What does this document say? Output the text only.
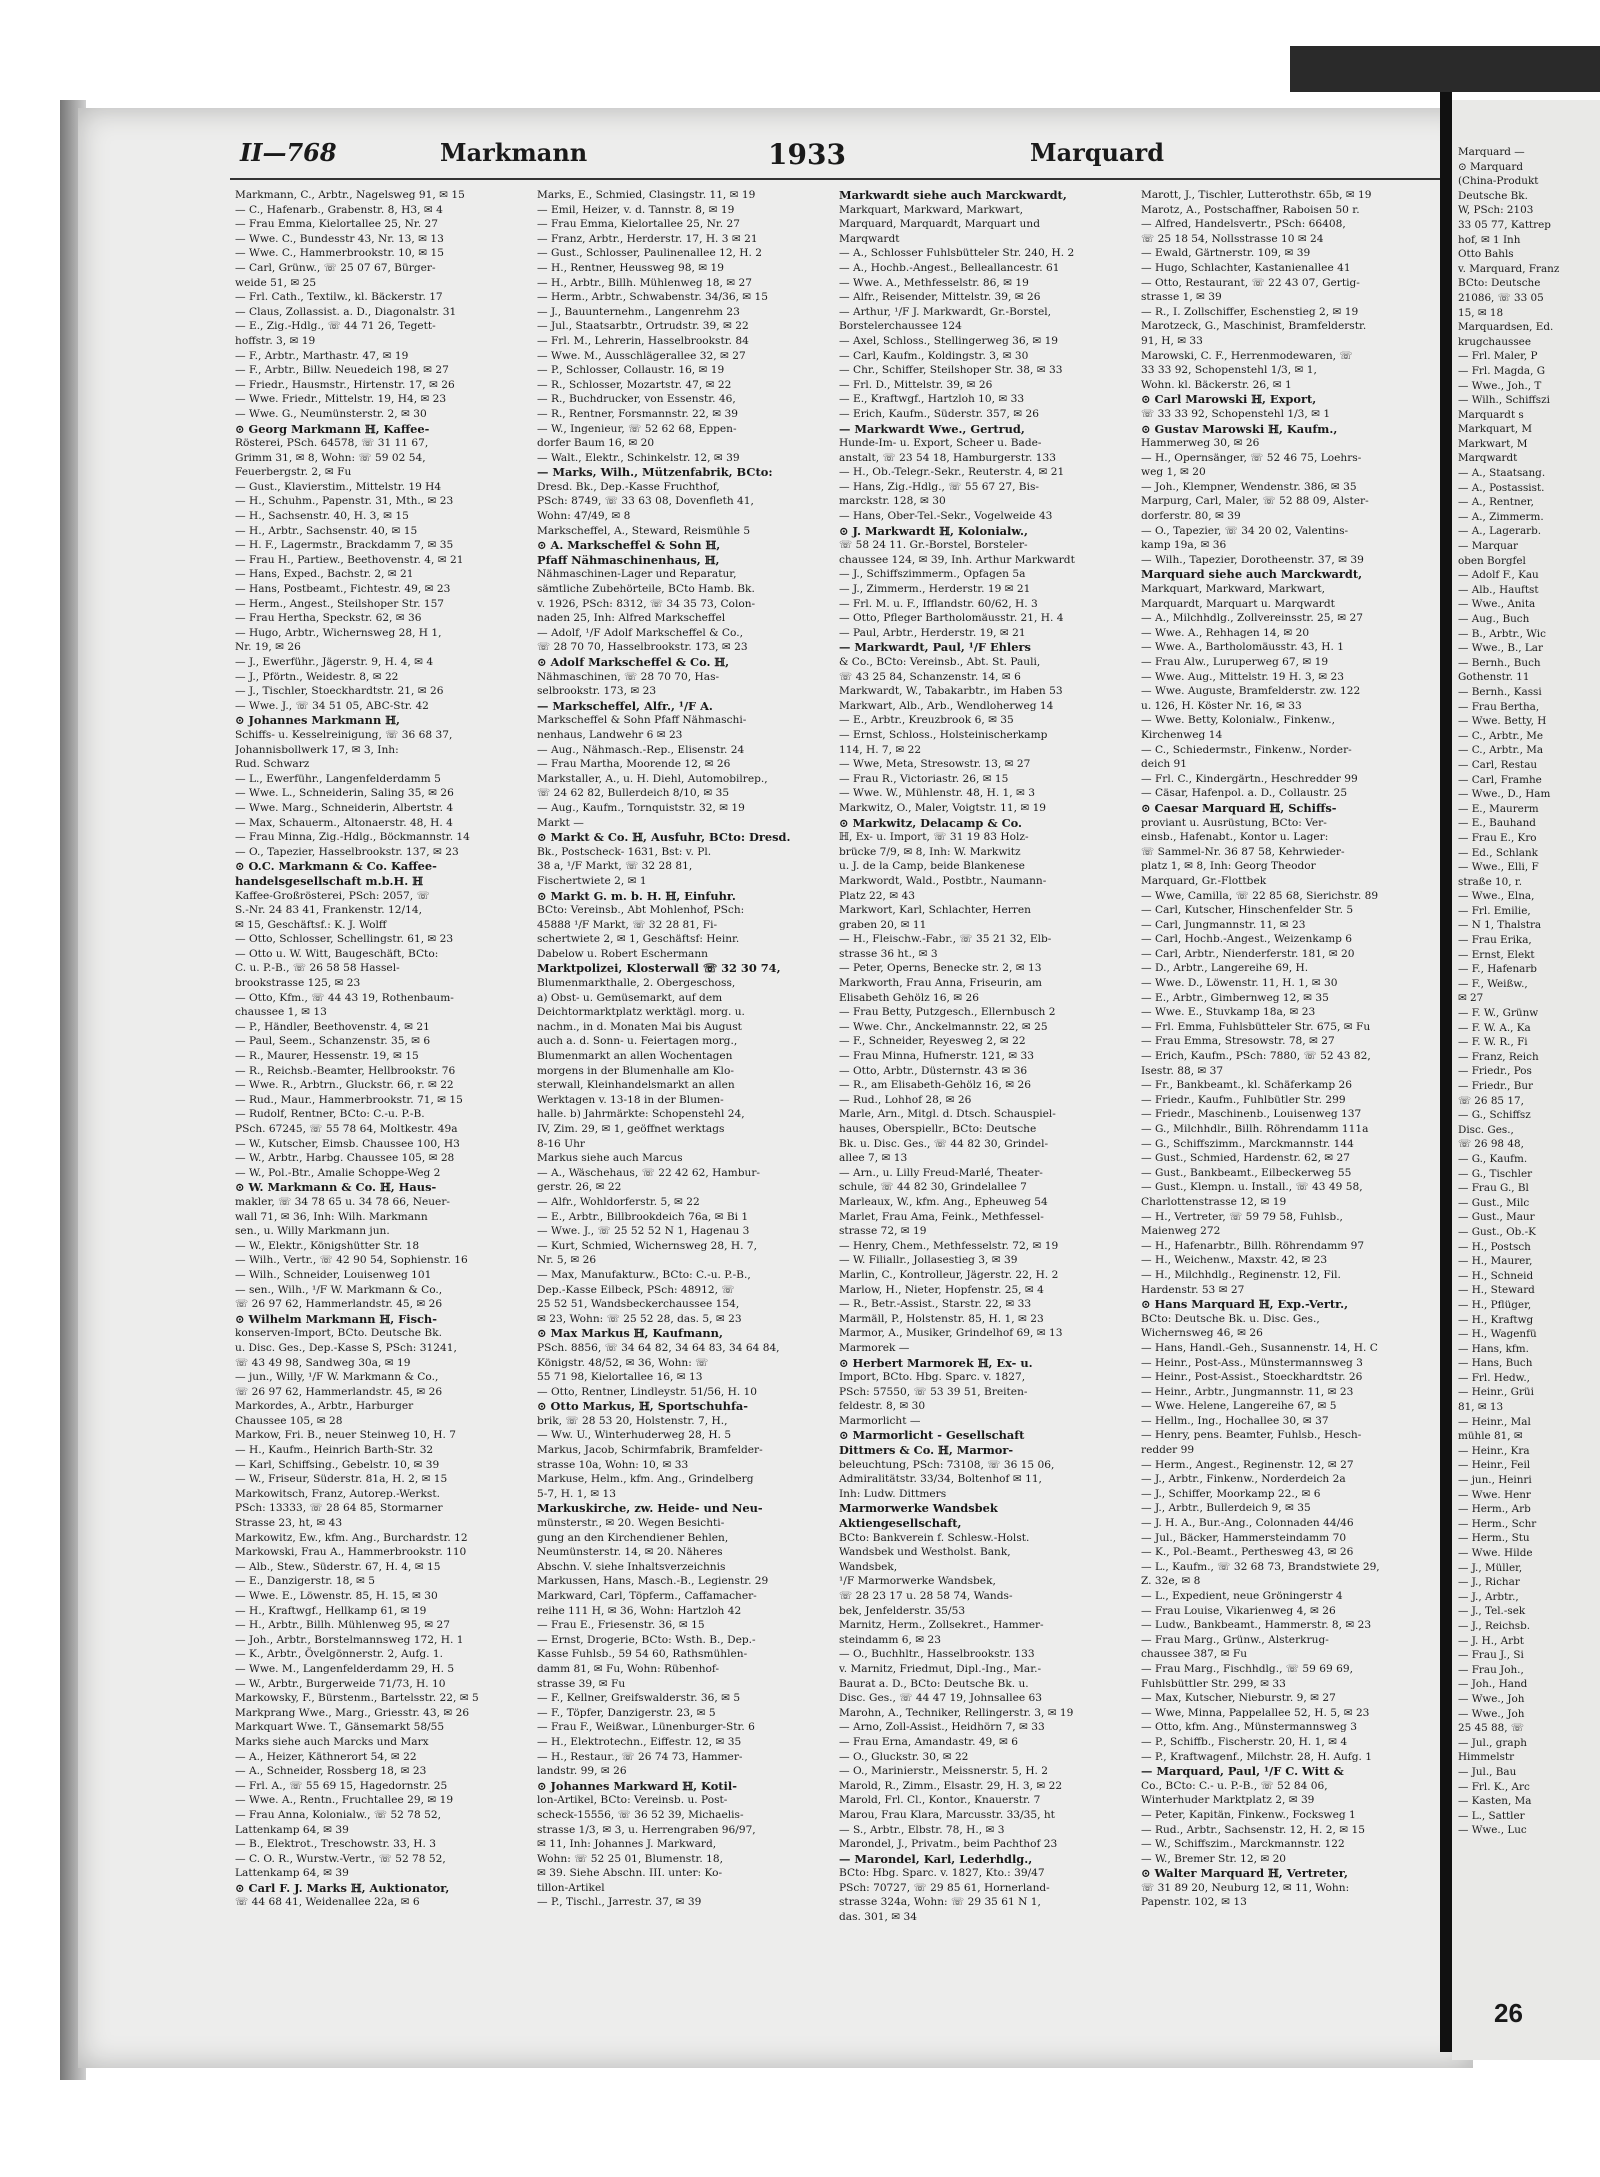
Marquard —
⊙ Marquard
(China-Produkt
Deutsche Bk.
W, PSch: 2103
33 05 77, Kattrep
hof, ✉ 1 Inh
Otto Bahls
v. Marquard, Franz
BCto: Deutsche
21086, ☏ 33 05
15, ✉ 18
Marquardsen, Ed.
krugchaussee
— Frl. Maler, P
— Frl. Magda, G
— Wwe., Joh., T
— Wilh., Schiffszi
Marquardt s
Markquart, M
Markwart, M
Marqwardt
— A., Staatsang.
— A., Postassist.
— A., Rentner,
— A., Zimmerm.
— A., Lagerarb.
— Marquar
oben Borgfel
— Adolf F., Kau
— Alb., Hauftst
— Wwe., Anita
— Aug., Buch
— B., Arbtr., Wic
— Wwe., B., Lar
— Bernh., Buch
Gothenstr. 11
— Bernh., Kassi
— Frau Bertha,
— Wwe. Betty, H
— C., Arbtr., Me
— C., Arbtr., Ma
— Carl, Restau
— Carl, Framhe
— Wwe., D., Ham
— E., Maurerm
— E., Bauhand
— Frau E., Kro
— Ed., Schlank
— Wwe., Elli, F
straße 10, r.
— Wwe., Elna,
— Frl. Emilie,
— N 1, Thalstra
— Frau Erika,
— Ernst, Elekt
— F., Hafenarb
— F., Weißw.,
✉ 27
— F. W., Grünw
— F. W. A., Ka
— F. W. R., Fi
— Franz, Reich
— Friedr., Pos
— Friedr., Bur
☏ 26 85 17,
— G., Schiffsz
Disc. Ges.,
☏ 26 98 48,
— G., Kaufm.
— G., Tischler
— Frau G., Bl
— Gust., Milc
— Gust., Maur
— Gust., Ob.-K
— H., Postsch
— H., Maurer,
— H., Schneid
— H., Steward
— H., Pflüger,
— H., Kraftwg
— H., Wagenfü
— Hans, kfm.
— Hans, Buch
— Frl. Hedw.,
— Heinr., Grüi
81, ✉ 13
— Heinr., Mal
mühle 81, ✉
— Heinr., Kra
— Heinr., Feil
— jun., Heinri
— Wwe. Henr
— Herm., Arb
— Herm., Schr
— Herm., Stu
— Wwe. Hilde
— J., Müller,
— J., Richar
— J., Arbtr.,
— J., Tel.-sek
— J., Reichsb.
— J. H., Arbt
— Frau J., Si
— Frau Joh.,
— Joh., Hand
— Wwe., Joh
— Wwe., Joh
25 45 88, ☏
— Jul., graph
Himmelstr
— Jul., Bau
— Frl. K., Arc
— Kasten, Ma
— L., Sattler
— Wwe., Luc
II—768	Markmann	1933	Marquard
Markmann, C., Arbtr., Nagelsweg 91, ✉ 15
— C., Hafenarb., Grabenstr. 8, H3, ✉ 4
— Frau Emma, Kielortallee 25, Nr. 27
— Wwe. C., Bundesstr 43, Nr. 13, ✉ 13
— Wwe. C., Hammerbrookstr. 10, ✉ 15
— Carl, Grünw., ☏ 25 07 67, Bürger-
weide 51, ✉ 25
— Frl. Cath., Textilw., kl. Bäckerstr. 17
— Claus, Zollassist. a. D., Diagonalstr. 31
— E., Zig.-Hdlg., ☏ 44 71 26, Tegett-
hoffstr. 3, ✉ 19
— F., Arbtr., Marthastr. 47, ✉ 19
— F., Arbtr., Billw. Neuedeich 198, ✉ 27
— Friedr., Hausmstr., Hirtenstr. 17, ✉ 26
— Wwe. Friedr., Mittelstr. 19, H4, ✉ 23
— Wwe. G., Neumünsterstr. 2, ✉ 30
⊙ Georg Markmann ℍ, Kaffee-
Rösterei, PSch. 64578, ☏ 31 11 67,
Grimm 31, ✉ 8, Wohn: ☏ 59 02 54,
Feuerbergstr. 2, ✉ Fu
— Gust., Klavierstim., Mittelstr. 19 H4
— H., Schuhm., Papenstr. 31, Mth., ✉ 23
— H., Sachsenstr. 40, H. 3, ✉ 15
— H., Arbtr., Sachsenstr. 40, ✉ 15
— H. F., Lagermstr., Brackdamm 7, ✉ 35
— Frau H., Partiew., Beethovenstr. 4, ✉ 21
— Hans, Exped., Bachstr. 2, ✉ 21
— Hans, Postbeamt., Fichtestr. 49, ✉ 23
— Herm., Angest., Steilshoper Str. 157
— Frau Hertha, Speckstr. 62, ✉ 36
— Hugo, Arbtr., Wichernsweg 28, H 1,
Nr. 19, ✉ 26
— J., Ewerführ., Jägerstr. 9, H. 4, ✉ 4
— J., Pförtn., Weidestr. 8, ✉ 22
— J., Tischler, Stoeckhardtstr. 21, ✉ 26
— Wwe. J., ☏ 34 51 05, ABC-Str. 42
⊙ Johannes Markmann ℍ,
Schiffs- u. Kesselreinigung, ☏ 36 68 37,
Johannisbollwerk 17, ✉ 3, Inh:
Rud. Schwarz
— L., Ewerführ., Langenfelderdamm 5
— Wwe. L., Schneiderin, Saling 35, ✉ 26
— Wwe. Marg., Schneiderin, Albertstr. 4
— Max, Schauerm., Altonaerstr. 48, H. 4
— Frau Minna, Zig.-Hdlg., Böckmannstr. 14
— O., Tapezier, Hasselbrookstr. 137, ✉ 23
⊙ O.C. Markmann & Co. Kaffee-
handelsgesellschaft m.b.H. ℍ
Kaffee-Großrösterei, PSch: 2057, ☏
S.-Nr. 24 83 41, Frankenstr. 12/14,
✉ 15, Geschäftsf.: K. J. Wolff
— Otto, Schlosser, Schellingstr. 61, ✉ 23
— Otto u. W. Witt, Baugeschäft, BCto:
C. u. P.-B., ☏ 26 58 58 Hassel-
brookstrasse 125, ✉ 23
— Otto, Kfm., ☏ 44 43 19, Rothenbaum-
chaussee 1, ✉ 13
— P., Händler, Beethovenstr. 4, ✉ 21
— Paul, Seem., Schanzenstr. 35, ✉ 6
— R., Maurer, Hessenstr. 19, ✉ 15
— R., Reichsb.-Beamter, Hellbrookstr. 76
— Wwe. R., Arbtrn., Gluckstr. 66, r. ✉ 22
— Rud., Maur., Hammerbrookstr. 71, ✉ 15
— Rudolf, Rentner, BCto: C.-u. P.-B.
PSch. 67245, ☏ 55 78 64, Moltkestr. 49a
— W., Kutscher, Eimsb. Chaussee 100, H3
— W., Arbtr., Harbg. Chaussee 105, ✉ 28
— W., Pol.-Btr., Amalie Schoppe-Weg 2
⊙ W. Markmann & Co. ℍ, Haus-
makler, ☏ 34 78 65 u. 34 78 66, Neuer-
wall 71, ✉ 36, Inh: Wilh. Markmann
sen., u. Willy Markmann jun.
— W., Elektr., Königshütter Str. 18
— Wilh., Vertr., ☏ 42 90 54, Sophienstr. 16
— Wilh., Schneider, Louisenweg 101
— sen., Wilh., ¹/F W. Markmann & Co.,
☏ 26 97 62, Hammerlandstr. 45, ✉ 26
⊙ Wilhelm Markmann ℍ, Fisch-
konserven-Import, BCto. Deutsche Bk.
u. Disc. Ges., Dep.-Kasse S, PSch: 31241,
☏ 43 49 98, Sandweg 30a, ✉ 19
— jun., Willy, ¹/F W. Markmann & Co.,
☏ 26 97 62, Hammerlandstr. 45, ✉ 26
Markordes, A., Arbtr., Harburger
Chaussee 105, ✉ 28
Markow, Fri. B., neuer Steinweg 10, H. 7
— H., Kaufm., Heinrich Barth-Str. 32
— Karl, Schiffsing., Gebelstr. 10, ✉ 39
— W., Friseur, Süderstr. 81a, H. 2, ✉ 15
Markowitsch, Franz, Autorep.-Werkst.
PSch: 13333, ☏ 28 64 85, Stormarner
Strasse 23, ht, ✉ 43
Markowitz, Ew., kfm. Ang., Burchardstr. 12
Markowski, Frau A., Hammerbrookstr. 110
— Alb., Stew., Süderstr. 67, H. 4, ✉ 15
— E., Danzigerstr. 18, ✉ 5
— Wwe. E., Löwenstr. 85, H. 15, ✉ 30
— H., Kraftwgf., Hellkamp 61, ✉ 19
— H., Arbtr., Billh. Mühlenweg 95, ✉ 27
— Joh., Arbtr., Borstelmannsweg 172, H. 1
— K., Arbtr., Övelgönnerstr. 2, Aufg. 1.
— Wwe. M., Langenfelderdamm 29, H. 5
— W., Arbtr., Burgerweide 71/73, H. 10
Markowsky, F., Bürstenm., Bartelsstr. 22, ✉ 5
Markprang Wwe., Marg., Griesstr. 43, ✉ 26
Markquart Wwe. T., Gänsemarkt 58/55
Marks siehe auch Marcks und Marx
— A., Heizer, Käthnerort 54, ✉ 22
— A., Schneider, Rossberg 18, ✉ 23
— Frl. A., ☏ 55 69 15, Hagedornstr. 25
— Wwe. A., Rentn., Fruchtallee 29, ✉ 19
— Frau Anna, Kolonialw., ☏ 52 78 52,
Lattenkamp 64, ✉ 39
— B., Elektrot., Treschowstr. 33, H. 3
— C. O. R., Wurstw.-Vertr., ☏ 52 78 52,
Lattenkamp 64, ✉ 39
⊙ Carl F. J. Marks ℍ, Auktionator,
☏ 44 68 41, Weidenallee 22a, ✉ 6
Marks, E., Schmied, Clasingstr. 11, ✉ 19
— Emil, Heizer, v. d. Tannstr. 8, ✉ 19
— Frau Emma, Kielortallee 25, Nr. 27
— Franz, Arbtr., Herderstr. 17, H. 3 ✉ 21
— Gust., Schlosser, Paulinenallee 12, H. 2
— H., Rentner, Heussweg 98, ✉ 19
— H., Arbtr., Billh. Mühlenweg 18, ✉ 27
— Herm., Arbtr., Schwabenstr. 34/36, ✉ 15
— J., Bauunternehm., Langenrehm 23
— Jul., Staatsarbtr., Ortrudstr. 39, ✉ 22
— Frl. M., Lehrerin, Hasselbrookstr. 84
— Wwe. M., Ausschlägerallee 32, ✉ 27
— P., Schlosser, Collaustr. 16, ✉ 19
— R., Schlosser, Mozartstr. 47, ✉ 22
— R., Buchdrucker, von Essenstr. 46,
— R., Rentner, Forsmannstr. 22, ✉ 39
— W., Ingenieur, ☏ 52 62 68, Eppen-
dorfer Baum 16, ✉ 20
— Walt., Elektr., Schinkelstr. 12, ✉ 39
— Marks, Wilh., Mützenfabrik, BCto:
Dresd. Bk., Dep.-Kasse Fruchthof,
PSch: 8749, ☏ 33 63 08, Dovenfleth 41,
Wohn: 47/49, ✉ 8
Markscheffel, A., Steward, Reismühle 5
⊙ A. Markscheffel & Sohn ℍ,
Pfaff Nähmaschinenhaus, ℍ,
Nähmaschinen-Lager und Reparatur,
sämtliche Zubehörteile, BCto Hamb. Bk.
v. 1926, PSch: 8312, ☏ 34 35 73, Colon-
naden 25, Inh: Alfred Markscheffel
— Adolf, ¹/F Adolf Markscheffel & Co.,
☏ 28 70 70, Hasselbrookstr. 173, ✉ 23
⊙ Adolf Markscheffel & Co. ℍ,
Nähmaschinen, ☏ 28 70 70, Has-
selbrookstr. 173, ✉ 23
— Markscheffel, Alfr., ¹/F A.
Markscheffel & Sohn Pfaff Nähmaschi-
nenhaus, Landwehr 6 ✉ 23
— Aug., Nähmasch.-Rep., Elisenstr. 24
— Frau Martha, Moorende 12, ✉ 26
Markstaller, A., u. H. Diehl, Automobilrep.,
☏ 24 62 82, Bullerdeich 8/10, ✉ 35
— Aug., Kaufm., Tornquiststr. 32, ✉ 19
Markt —
⊙ Markt & Co. ℍ, Ausfuhr, BCto: Dresd.
Bk., Postscheck- 1631, Bst: v. Pl.
38 a, ¹/F Markt, ☏ 32 28 81,
Fischertwiete 2, ✉ 1
⊙ Markt G. m. b. H. ℍ, Einfuhr.
BCto: Vereinsb., Abt Mohlenhof, PSch:
45888 ¹/F Markt, ☏ 32 28 81, Fi-
schertwiete 2, ✉ 1, Geschäftsf: Heinr.
Dabelow u. Robert Eschermann
Marktpolizei, Klosterwall ☏ 32 30 74,
Blumenmarkthalle, 2. Obergeschoss,
a) Obst- u. Gemüsemarkt, auf dem
Deichtormarktplatz werktägl. morg. u.
nachm., in d. Monaten Mai bis August
auch a. d. Sonn- u. Feiertagen morg.,
Blumenmarkt an allen Wochentagen
morgens in der Blumenhalle am Klo-
sterwall, Kleinhandelsmarkt an allen
Werktagen v. 13-18 in der Blumen-
halle. b) Jahrmärkte: Schopenstehl 24,
IV, Zim. 29, ✉ 1, geöffnet werktags
8-16 Uhr
Markus siehe auch Marcus
— A., Wäschehaus, ☏ 22 42 62, Hambur-
gerstr. 26, ✉ 22
— Alfr., Wohldorferstr. 5, ✉ 22
— E., Arbtr., Billbrookdeich 76a, ✉ Bi 1
— Wwe. J., ☏ 25 52 52 N 1, Hagenau 3
— Kurt, Schmied, Wichernsweg 28, H. 7,
Nr. 5, ✉ 26
— Max, Manufakturw., BCto: C.-u. P.-B.,
Dep.-Kasse Eilbeck, PSch: 48912, ☏
25 52 51, Wandsbeckerchaussee 154,
✉ 23, Wohn: ☏ 25 52 28, das. 5, ✉ 23
⊙ Max Markus ℍ, Kaufmann,
PSch. 8856, ☏ 34 64 82, 34 64 83, 34 64 84,
Königstr. 48/52, ✉ 36, Wohn: ☏
55 71 98, Kielortallee 16, ✉ 13
— Otto, Rentner, Lindleystr. 51/56, H. 10
⊙ Otto Markus, ℍ, Sportschuhfa-
brik, ☏ 28 53 20, Holstenstr. 7, H.,
— Ww. U., Winterhuderweg 28, H. 5
Markus, Jacob, Schirmfabrik, Bramfelder-
strasse 10a, Wohn: 10, ✉ 33
Markuse, Helm., kfm. Ang., Grindelberg
5-7, H. 1, ✉ 13
Markuskirche, zw. Heide- und Neu-
münsterstr., ✉ 20. Wegen Besichti-
gung an den Kirchendiener Behlen,
Neumünsterstr. 14, ✉ 20. Näheres
Abschn. V. siehe Inhaltsverzeichnis
Markussen, Hans, Masch.-B., Legienstr. 29
Markward, Carl, Töpferm., Caffamacher-
reihe 111 H, ✉ 36, Wohn: Hartzloh 42
— Frau E., Friesenstr. 36, ✉ 15
— Ernst, Drogerie, BCto: Wsth. B., Dep.-
Kasse Fuhlsb., 59 54 60, Rathsmühlen-
damm 81, ✉ Fu, Wohn: Rübenhof-
strasse 39, ✉ Fu
— F., Kellner, Greifswalderstr. 36, ✉ 5
— F., Töpfer, Danzigerstr. 23, ✉ 5
— Frau F., Weißwar., Lünenburger-Str. 6
— H., Elektrotechn., Eiffestr. 12, ✉ 35
— H., Restaur., ☏ 26 74 73, Hammer-
landstr. 99, ✉ 26
⊙ Johannes Markward ℍ, Kotil-
lon-Artikel, BCto: Vereinsb. u. Post-
scheck-15556, ☏ 36 52 39, Michaelis-
strasse 1/3, ✉ 3, u. Herrengraben 96/97,
✉ 11, Inh: Johannes J. Markward,
Wohn: ☏ 52 25 01, Blumenstr. 18,
✉ 39. Siehe Abschn. III. unter: Ko-
tillon-Artikel
— P., Tischl., Jarrestr. 37, ✉ 39
Markwardt siehe auch Marckwardt,
Markquart, Markward, Markwart,
Marquard, Marquardt, Marquart und
Marqwardt
— A., Schlosser Fuhlsbütteler Str. 240, H. 2
— A., Hochb.-Angest., Belleallancestr. 61
— Wwe. A., Methfesselstr. 86, ✉ 19
— Alfr., Reisender, Mittelstr. 39, ✉ 26
— Arthur, ¹/F J. Markwardt, Gr.-Borstel,
Borstelerchaussee 124
— Axel, Schloss., Stellingerweg 36, ✉ 19
— Carl, Kaufm., Koldingstr. 3, ✉ 30
— Chr., Schiffer, Steilshoper Str. 38, ✉ 33
— Frl. D., Mittelstr. 39, ✉ 26
— E., Kraftwgf., Hartzloh 10, ✉ 33
— Erich, Kaufm., Süderstr. 357, ✉ 26
— Markwardt Wwe., Gertrud,
Hunde-Im- u. Export, Scheer u. Bade-
anstalt, ☏ 23 54 18, Hamburgerstr. 133
— H., Ob.-Telegr.-Sekr., Reuterstr. 4, ✉ 21
— Hans, Zig.-Hdlg., ☏ 55 67 27, Bis-
marckstr. 128, ✉ 30
— Hans, Ober-Tel.-Sekr., Vogelweide 43
⊙ J. Markwardt ℍ, Kolonialw.,
☏ 58 24 11. Gr.-Borstel, Borsteler-
chaussee 124, ✉ 39, Inh. Arthur Markwardt
— J., Schiffszimmerm., Opfagen 5a
— J., Zimmerm., Herderstr. 19 ✉ 21
— Frl. M. u. F., Ifflandstr. 60/62, H. 3
— Otto, Pfleger Bartholomäusstr. 21, H. 4
— Paul, Arbtr., Herderstr. 19, ✉ 21
— Markwardt, Paul, ¹/F Ehlers
& Co., BCto: Vereinsb., Abt. St. Pauli,
☏ 43 25 84, Schanzenstr. 14, ✉ 6
Markwardt, W., Tabakarbtr., im Haben 53
Markwart, Alb., Arb., Wendloherweg 14
— E., Arbtr., Kreuzbrook 6, ✉ 35
— Ernst, Schloss., Holsteinischerkamp
114, H. 7, ✉ 22
— Wwe, Meta, Stresowstr. 13, ✉ 27
— Frau R., Victoriastr. 26, ✉ 15
— Wwe. W., Mühlenstr. 48, H. 1, ✉ 3
Markwitz, O., Maler, Voigtstr. 11, ✉ 19
⊙ Markwitz, Delacamp & Co.
ℍ, Ex- u. Import, ☏ 31 19 83 Holz-
brücke 7/9, ✉ 8, Inh: W. Markwitz
u. J. de la Camp, beide Blankenese
Markwordt, Wald., Postbtr., Naumann-
Platz 22, ✉ 43
Markwort, Karl, Schlachter, Herren
graben 20, ✉ 11
— H., Fleischw.-Fabr., ☏ 35 21 32, Elb-
strasse 36 ht., ✉ 3
— Peter, Operns, Benecke str. 2, ✉ 13
Markworth, Frau Anna, Friseurin, am
Elisabeth Gehölz 16, ✉ 26
— Frau Betty, Putzgesch., Ellernbusch 2
— Wwe. Chr., Anckelmannstr. 22, ✉ 25
— F., Schneider, Reyesweg 2, ✉ 22
— Frau Minna, Hufnerstr. 121, ✉ 33
— Otto, Arbtr., Düsternstr. 43 ✉ 36
— R., am Elisabeth-Gehölz 16, ✉ 26
— Rud., Lohhof 28, ✉ 26
Marle, Arn., Mitgl. d. Dtsch. Schauspiel-
hauses, Oberspiellr., BCto: Deutsche
Bk. u. Disc. Ges., ☏ 44 82 30, Grindel-
allee 7, ✉ 13
— Arn., u. Lilly Freud-Marlé, Theater-
schule, ☏ 44 82 30, Grindelallee 7
Marleaux, W., kfm. Ang., Epheuweg 54
Marlet, Frau Ama, Feink., Methfessel-
strasse 72, ✉ 19
— Henry, Chem., Methfesselstr. 72, ✉ 19
— W. Filiallr., Jollasestieg 3, ✉ 39
Marlin, C., Kontrolleur, Jägerstr. 22, H. 2
Marlow, H., Nieter, Hopfenstr. 25, ✉ 4
— R., Betr.-Assist., Starstr. 22, ✉ 33
Marmäll, P., Holstenstr. 85, H. 1, ✉ 23
Marmor, A., Musiker, Grindelhof 69, ✉ 13
Marmorek —
⊙ Herbert Marmorek ℍ, Ex- u.
Import, BCto. Hbg. Sparc. v. 1827,
PSch: 57550, ☏ 53 39 51, Breiten-
feldestr. 8, ✉ 30
Marmorlicht —
⊙ Marmorlicht - Gesellschaft
Dittmers & Co. ℍ, Marmor-
beleuchtung, PSch: 73108, ☏ 36 15 06,
Admiralitätstr. 33/34, Boltenhof ✉ 11,
Inh: Ludw. Dittmers
Marmorwerke Wandsbek
Aktiengesellschaft,
BCto: Bankverein f. Schlesw.-Holst.
Wandsbek und Westholst. Bank,
Wandsbek,
¹/F Marmorwerke Wandsbek,
☏ 28 23 17 u. 28 58 74, Wands-
bek, Jenfelderstr. 35/53
Marnitz, Herm., Zollsekret., Hammer-
steindamm 6, ✉ 23
— O., Buchhltr., Hasselbrookstr. 133
v. Marnitz, Friedmut, Dipl.-Ing., Mar.-
Baurat a. D., BCto: Deutsche Bk. u.
Disc. Ges., ☏ 44 47 19, Johnsallee 63
Marohn, A., Techniker, Rellingerstr. 3, ✉ 19
— Arno, Zoll-Assist., Heidhörn 7, ✉ 33
— Frau Erna, Amandastr. 49, ✉ 6
— O., Gluckstr. 30, ✉ 22
— O., Marinierstr., Meissnerstr. 5, H. 2
Marold, R., Zimm., Elsastr. 29, H. 3, ✉ 22
Marold, Frl. Cl., Kontor., Knauerstr. 7
Marou, Frau Klara, Marcusstr. 33/35, ht
— S., Arbtr., Elbstr. 78, H., ✉ 3
Marondel, J., Privatm., beim Pachthof 23
— Marondel, Karl, Lederhdlg.,
BCto: Hbg. Sparc. v. 1827, Kto.: 39/47
PSch: 70727, ☏ 29 85 61, Hornerland-
strasse 324a, Wohn: ☏ 29 35 61 N 1,
das. 301, ✉ 34
Marott, J., Tischler, Lutterothstr. 65b, ✉ 19
Marotz, A., Postschaffner, Raboisen 50 r.
— Alfred, Handelsvertr., PSch: 66408,
☏ 25 18 54, Nollsstrasse 10 ✉ 24
— Ewald, Gärtnerstr. 109, ✉ 39
— Hugo, Schlachter, Kastanienallee 41
— Otto, Restaurant, ☏ 22 43 07, Gertig-
strasse 1, ✉ 39
— R., I. Zollschiffer, Eschenstieg 2, ✉ 19
Marotzeck, G., Maschinist, Bramfelderstr.
91, H, ✉ 33
Marowski, C. F., Herrenmodewaren, ☏
33 33 92, Schopenstehl 1/3, ✉ 1,
Wohn. kl. Bäckerstr. 26, ✉ 1
⊙ Carl Marowski ℍ, Export,
☏ 33 33 92, Schopenstehl 1/3, ✉ 1
⊙ Gustav Marowski ℍ, Kaufm.,
Hammerweg 30, ✉ 26
— H., Opernsänger, ☏ 52 46 75, Loehrs-
weg 1, ✉ 20
— Joh., Klempner, Wendenstr. 386, ✉ 35
Marpurg, Carl, Maler, ☏ 52 88 09, Alster-
dorferstr. 80, ✉ 39
— O., Tapezier, ☏ 34 20 02, Valentins-
kamp 19a, ✉ 36
— Wilh., Tapezier, Dorotheenstr. 37, ✉ 39
Marquard siehe auch Marckwardt,
Markquart, Markward, Markwart,
Marquardt, Marquart u. Marqwardt
— A., Milchhdlg., Zollvereinsstr. 25, ✉ 27
— Wwe. A., Rehhagen 14, ✉ 20
— Wwe. A., Bartholomäusstr. 43, H. 1
— Frau Alw., Luruperweg 67, ✉ 19
— Wwe. Aug., Mittelstr. 19 H. 3, ✉ 23
— Wwe. Auguste, Bramfelderstr. zw. 122
u. 126, H. Köster Nr. 16, ✉ 33
— Wwe. Betty, Kolonialw., Finkenw.,
Kirchenweg 14
— C., Schiedermstr., Finkenw., Norder-
deich 91
— Frl. C., Kindergärtn., Heschredder 99
— Cäsar, Hafenpol. a. D., Collaustr. 25
⊙ Caesar Marquard ℍ, Schiffs-
proviant u. Ausrüstung, BCto: Ver-
einsb., Hafenabt., Kontor u. Lager:
☏ Sammel-Nr. 36 87 58, Kehrwieder-
platz 1, ✉ 8, Inh: Georg Theodor
Marquard, Gr.-Flottbek
— Wwe, Camilla, ☏ 22 85 68, Sierichstr. 89
— Carl, Kutscher, Hinschenfelder Str. 5
— Carl, Jungmannstr. 11, ✉ 23
— Carl, Hochb.-Angest., Weizenkamp 6
— Carl, Arbtr., Nienderferstr. 181, ✉ 20
— D., Arbtr., Langereihe 69, H.
— Wwe. D., Löwenstr. 11, H. 1, ✉ 30
— E., Arbtr., Gimbernweg 12, ✉ 35
— Wwe. E., Stuvkamp 18a, ✉ 23
— Frl. Emma, Fuhlsbütteler Str. 675, ✉ Fu
— Frau Emma, Stresowstr. 78, ✉ 27
— Erich, Kaufm., PSch: 7880, ☏ 52 43 82,
Isestr. 88, ✉ 37
— Fr., Bankbeamt., kl. Schäferkamp 26
— Friedr., Kaufm., Fuhlbütler Str. 299
— Friedr., Maschinenb., Louisenweg 137
— G., Milchhdlr., Billh. Röhrendamm 111a
— G., Schiffszimm., Marckmannstr. 144
— Gust., Schmied, Hardenstr. 62, ✉ 27
— Gust., Bankbeamt., Eilbeckerweg 55
— Gust., Klempn. u. Install., ☏ 43 49 58,
Charlottenstrasse 12, ✉ 19
— H., Vertreter, ☏ 59 79 58, Fuhlsb.,
Maienweg 272
— H., Hafenarbtr., Billh. Röhrendamm 97
— H., Weichenw., Maxstr. 42, ✉ 23
— H., Milchhdlg., Reginenstr. 12, Fil.
Hardenstr. 53 ✉ 27
⊙ Hans Marquard ℍ, Exp.-Vertr.,
BCto: Deutsche Bk. u. Disc. Ges.,
Wichernsweg 46, ✉ 26
— Hans, Handl.-Geh., Susannenstr. 14, H. C
— Heinr., Post-Ass., Münstermannsweg 3
— Heinr., Post-Assist., Stoeckhardtstr. 26
— Heinr., Arbtr., Jungmannstr. 11, ✉ 23
— Wwe. Helene, Langereihe 67, ✉ 5
— Hellm., Ing., Hochallee 30, ✉ 37
— Henry, pens. Beamter, Fuhlsb., Hesch-
redder 99
— Herm., Angest., Reginenstr. 12, ✉ 27
— J., Arbtr., Finkenw., Norderdeich 2a
— J., Schiffer, Moorkamp 22., ✉ 6
— J., Arbtr., Bullerdeich 9, ✉ 35
— J. H. A., Bur.-Ang., Colonnaden 44/46
— Jul., Bäcker, Hammersteindamm 70
— K., Pol.-Beamt., Perthesweg 43, ✉ 26
— L., Kaufm., ☏ 32 68 73, Brandstwiete 29,
Z. 32e, ✉ 8
— L., Expedient, neue Gröningerstr 4
— Frau Louise, Vikarienweg 4, ✉ 26
— Ludw., Bankbeamt., Hammerstr. 8, ✉ 23
— Frau Marg., Grünw., Alsterkrug-
chaussee 387, ✉ Fu
— Frau Marg., Fischhdlg., ☏ 59 69 69,
Fuhlsbüttler Str. 299, ✉ 33
— Max, Kutscher, Nieburstr. 9, ✉ 27
— Wwe, Minna, Pappelallee 52, H. 5, ✉ 23
— Otto, kfm. Ang., Münstermannsweg 3
— P., Schiffb., Fischerstr. 20, H. 1, ✉ 4
— P., Kraftwagenf., Milchstr. 28, H. Aufg. 1
— Marquard, Paul, ¹/F C. Witt &
Co., BCto: C.- u. P.-B., ☏ 52 84 06,
Winterhuder Marktplatz 2, ✉ 39
— Peter, Kapitän, Finkenw., Focksweg 1
— Rud., Arbtr., Sachsenstr. 12, H. 2, ✉ 15
— W., Schiffszim., Marckmannstr. 122
— W., Bremer Str. 12, ✉ 20
⊙ Walter Marquard ℍ, Vertreter,
☏ 31 89 20, Neuburg 12, ✉ 11, Wohn:
Papenstr. 102, ✉ 13
26
